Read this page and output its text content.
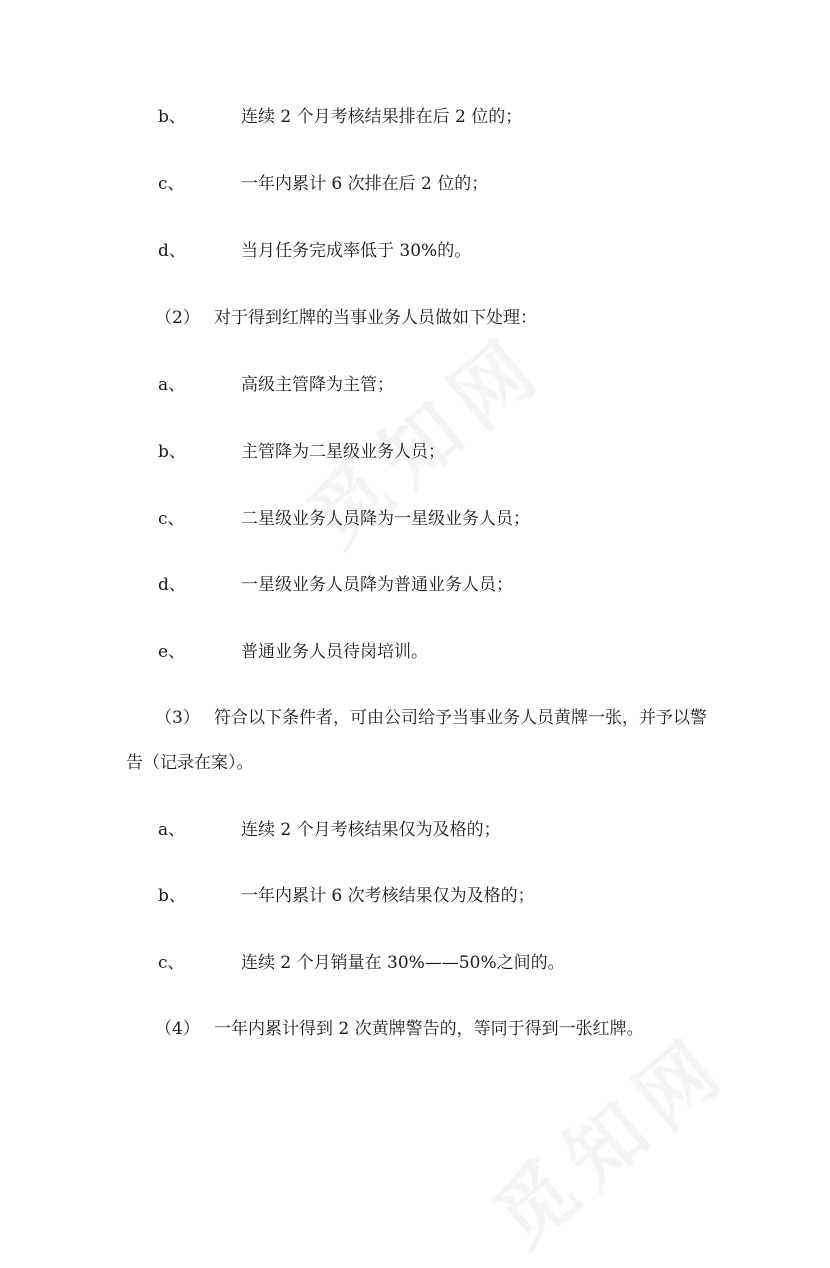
b、	连续 2 个月考核结果排在后 2 位的；
c、	一年内累计 6 次排在后 2 位的；
d、	当月任务完成率低于 30%的。
（2） 对于得到红牌的当事业务人员做如下处理：
a、	高级主管降为主管；
b、	主管降为二星级业务人员；
c、	二星级业务人员降为一星级业务人员；
d、	一星级业务人员降为普通业务人员；
e、	普通业务人员待岗培训。
（3） 符合以下条件者，可由公司给予当事业务人员黄牌一张，并予以警
告（记录在案）。
a、	连续 2 个月考核结果仅为及格的；
b、	一年内累计 6 次考核结果仅为及格的；
c、	连续 2 个月销量在 30%——50%之间的。
（4） 一年内累计得到 2 次黄牌警告的，等同于得到一张红牌。
